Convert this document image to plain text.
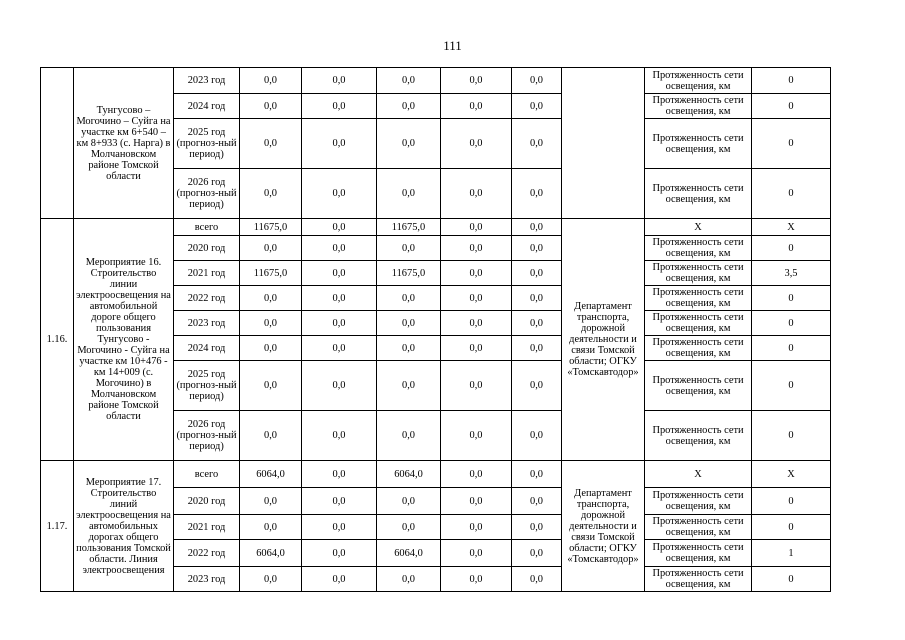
111
	Тунгусово – Могочино – Суйга на участке км 6+540 – км 8+933 (с. Нарга) в Молчановском районе Томской области	2023 год	0,0	0,0	0,0	0,0	0,0		Протяженность сети освещения, км	0
		2024 год	0,0	0,0	0,0	0,0	0,0		Протяженность сети освещения, км	0
		2025 год (прогноз-ный период)	0,0	0,0	0,0	0,0	0,0		Протяженность сети освещения, км	0
		2026 год (прогноз-ный период)	0,0	0,0	0,0	0,0	0,0		Протяженность сети освещения, км	0
1.16.	Мероприятие 16. Строительство линии электроосвещения на автомобильной дороге общего пользования Тунгусово - Могочино - Суйга на участке км 10+476 - км 14+009 (с. Могочино) в Молчановском районе Томской области	всего	11675,0	0,0	11675,0	0,0	0,0	Департамент транспорта, дорожной деятельности и связи Томской области; ОГКУ «Томскавтодор»	Х	Х
		2020 год	0,0	0,0	0,0	0,0	0,0		Протяженность сети освещения, км	0
		2021 год	11675,0	0,0	11675,0	0,0	0,0		Протяженность сети освещения, км	3,5
		2022 год	0,0	0,0	0,0	0,0	0,0		Протяженность сети освещения, км	0
		2023 год	0,0	0,0	0,0	0,0	0,0		Протяженность сети освещения, км	0
		2024 год	0,0	0,0	0,0	0,0	0,0		Протяженность сети освещения, км	0
		2025 год (прогноз-ный период)	0,0	0,0	0,0	0,0	0,0		Протяженность сети освещения, км	0
		2026 год (прогноз-ный период)	0,0	0,0	0,0	0,0	0,0		Протяженность сети освещения, км	0
1.17.	Мероприятие 17. Строительство линий электроосвещения на автомобильных дорогах общего пользования Томской области. Линия электроосвещения	всего	6064,0	0,0	6064,0	0,0	0,0	Департамент транспорта, дорожной деятельности и связи Томской области; ОГКУ «Томскавтодор»	Х	Х
		2020 год	0,0	0,0	0,0	0,0	0,0		Протяженность сети освещения, км	0
		2021 год	0,0	0,0	0,0	0,0	0,0		Протяженность сети освещения, км	0
		2022 год	6064,0	0,0	6064,0	0,0	0,0		Протяженность сети освещения, км	1
		2023 год	0,0	0,0	0,0	0,0	0,0		Протяженность сети освещения, км	0
